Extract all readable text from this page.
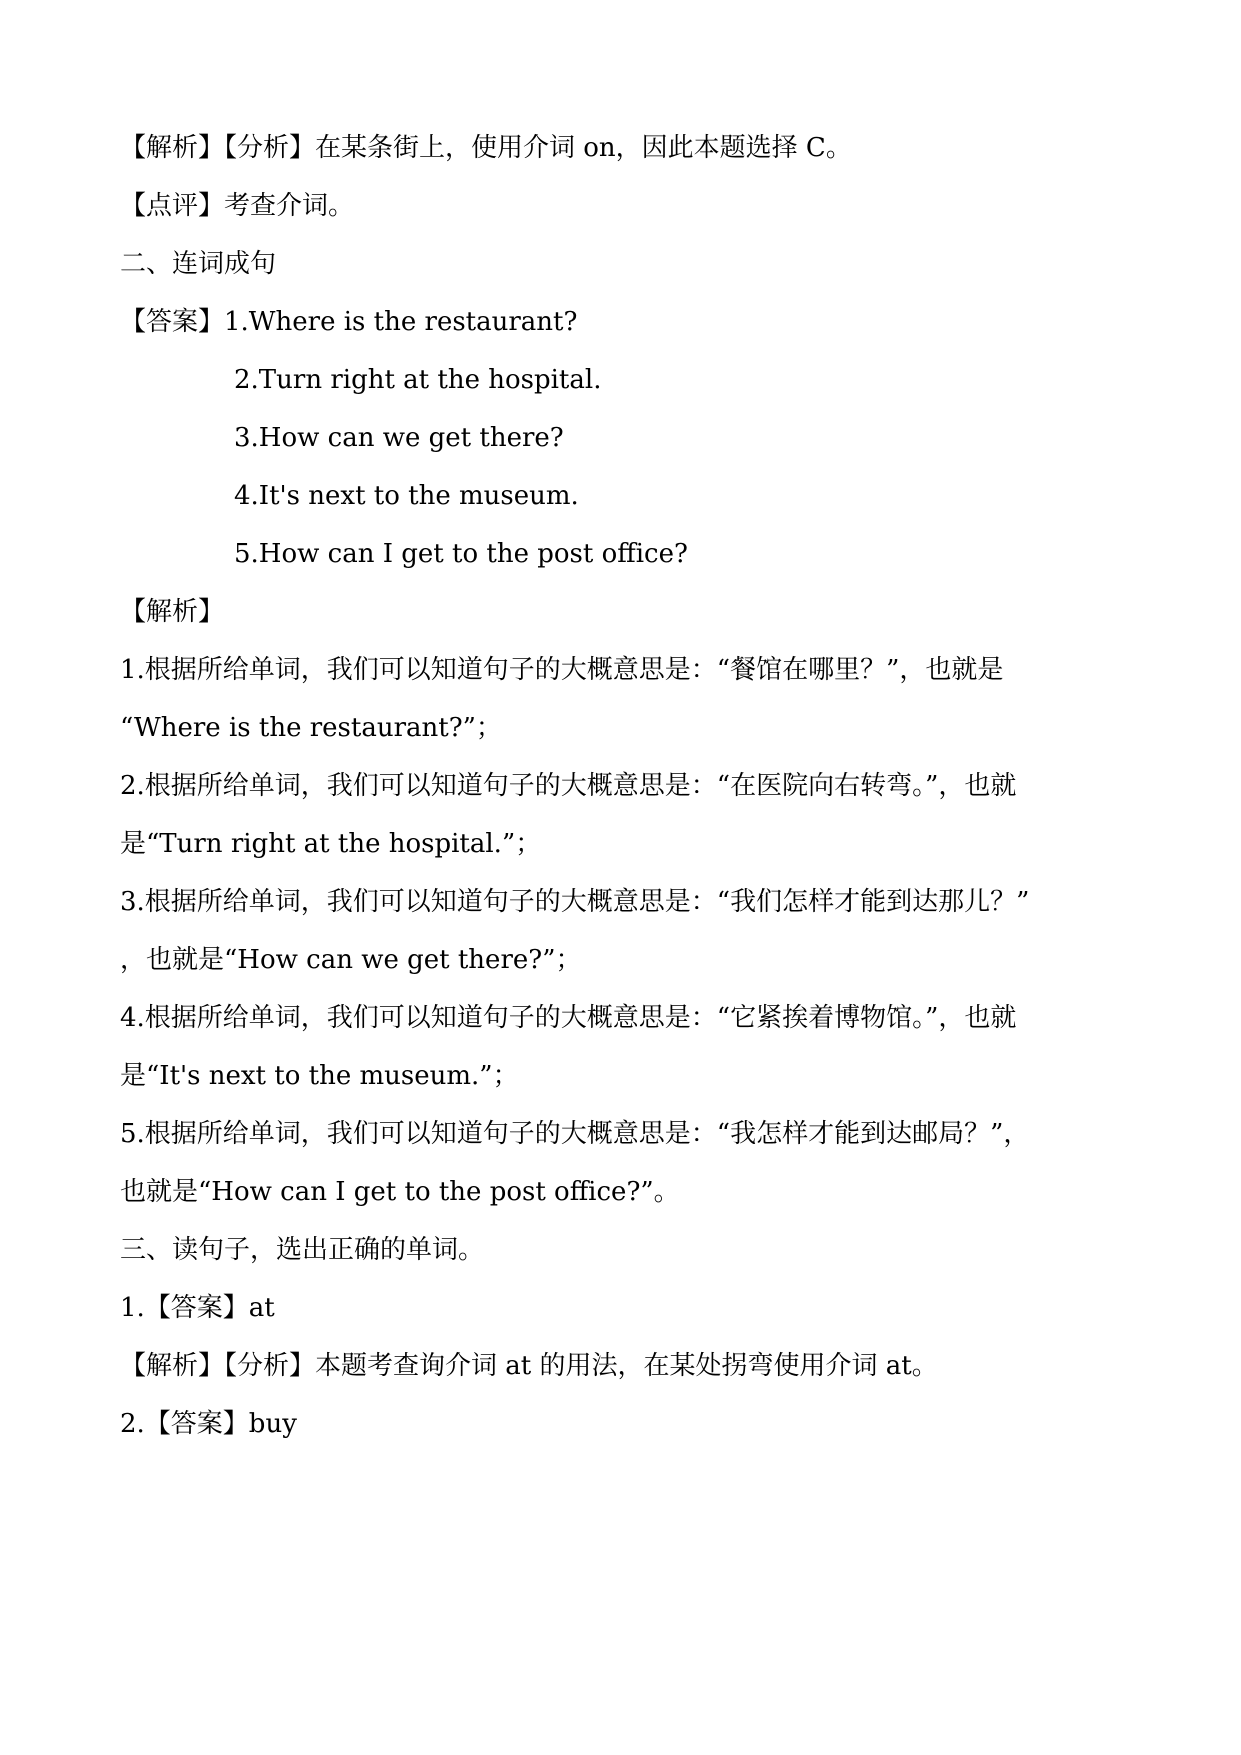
【解析】【分析】在某条街上，使用介词 on，因此本题选择 C。
【点评】考查介词。
二、连词成句
【答案】1.Where is the restaurant?
2.Turn right at the hospital.
3.How can we get there?
4.It's next to the museum.
5.How can I get to the post office?
【解析】
1.根据所给单词，我们可以知道句子的大概意思是：“餐馆在哪里？”，也就是
“Where is the restaurant?”；
2.根据所给单词，我们可以知道句子的大概意思是：“在医院向右转弯。”，也就
是“Turn right at the hospital.”；
3.根据所给单词，我们可以知道句子的大概意思是：“我们怎样才能到达那儿？”
，也就是“How can we get there?”；
4.根据所给单词，我们可以知道句子的大概意思是：“它紧挨着博物馆。”，也就
是“It's next to the museum.”；
5.根据所给单词，我们可以知道句子的大概意思是：“我怎样才能到达邮局？”，
也就是“How can I get to the post office?”。
三、读句子，选出正确的单词。
1.【答案】at
【解析】【分析】本题考查询介词 at 的用法，在某处拐弯使用介词 at。
2.【答案】buy
